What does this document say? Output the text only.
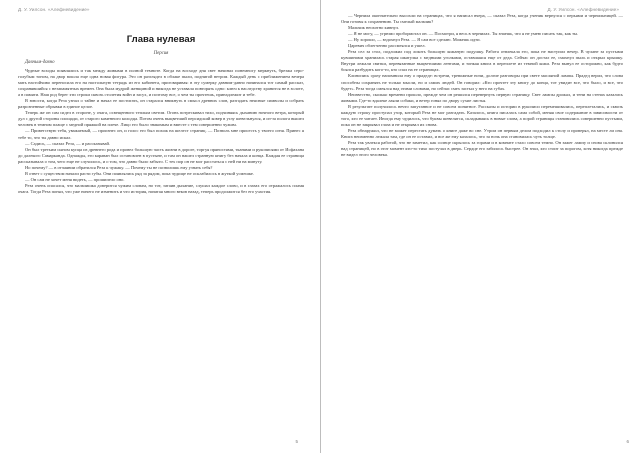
Д. У. Уилсон. «Алефневидение»
Глава нулевая
Персия
Давным-давно

Чудные всходы появлялись и так между живыми в полной темноте. Когда на восходе дня свет начинал понемногу меркнуть, брезжа серо-голубым тоном, на двор вошла еще одна новая фигура. Это он разглядел в облаке пыли, поднятой ветром. Каждый день с приближением вечера мать настойчиво переносила его на настольную тетрадь из его кабинета, приговаривая: в эту сумерку давним-давно начинался тот самый рассказ, сохранявшийся с незапамятных времен. Она была мудрой женщиной и никогда не уставала повторять одно: ключ к наследству хранится не в золоте, а в памяти. Наш род берег эти строки сквозь столетия войн и засух, и поэтому все, о чем ты прочтешь, принадлежит и тебе.

В юности, когда Реза узнал о тайне и начал ее постигать, он старался вникнуть в смысл древних слов, разгадать неясные символы и собрать разрозненные обрывки в единое целое.

Теперь же он сам сидел в стороне, у очага, освещенного теплым светом. Огонь потрескивал тихо, подчиняясь дыханию ночного ветра, который дул с другой стороны площади, от старого каменного колодца. Потом очень выцветший персидский ковер в углу шевельнулся, и из-за полога вышел человек в темном плаще с медной пряжкой на плече. Лицо его было знакомым и вместе с тем совершенно чужим.

— Приветствую тебя, уважаемый, — произнес он, и голос его был похож на шелест страниц. — Позволь мне присесть у твоего огня. Принес я тебе то, что ты давно искал.

— Садись, — сказал Реза, — и рассказывай.

Он был третьим сыном купца из древнего рода и провел большую часть жизни в дороге, торгуя пряностями, тканями и рукописями от Исфахана до далекого Самарканда. Однажды, его караван был остановлен в пустыне, и там он нашел странную книгу без начала и конца. Каждая ее страница рассказывала о том, чего еще не случилось, и о том, что давно было забыто. С тех пор он не мог расстаться с ней ни на минуту.

Но почему? — в отчаянии обратился Реза к чужаку. — Почему ты не позволишь ему узнать себя?

В ответ с существом начали расти губы. Они появлялись ряд за рядом, пока чудище не осклабилось в жуткой усмешке.

— Он сам не хочет меня видеть, — прошипело оно.

Реза очень опасался, что мальчишка доверится чужим словам, но тот, затаив дыхание, слушал каждое слово, и в глазах его отражалось пламя очага. Тогда Реза понял, что уже ничего не изменить и что история, начатая много веков назад, теперь продолжится без его участия.

5
Д. У. Уилсон. «Алефневидение»

— Чернила окончательно высохли на страницах, что я написал вчера, — сказал Реза, когда ученик вернулся с перьями и чернильницей. — Они готовы к сохранению. Ты смелый мальчик?

Мальчик неохотно кивнул.

— Я не могу, — угрюмо пробормотал он. — Посмотри, я весь в чернилах. Ты знаешь, что я не умею писать так, как ты.

— Ну хорошо, — вздохнул Реза. — Я сам все сделаю. Можешь идти.

Царевич облегченно рассмеялся и ушел.

Реза сел за стол, подложил под локоть большую кожаную подушку. Работа отвлекала его, пока не наступил вечер. В чулане за пустыми кувшинами хранилась старая шкатулка с медными уголками, оставшаяся еще от деда. Сейчас он достал ее, смахнул пыль и открыл крышку. Внутри лежали свитки, перевязанные выцветшими лентами, и тонкая книга в переплете из темной кожи. Реза вынул ее осторожно, как будто боялся разбудить кого-то, кто спал на ее страницах.

Клинопись сразу напомнила ему о прадеде: встречи, тревожные ночи, долгие разговоры при свете масляной лампы. Прадед верил, что слова способны сохранять не только мысли, но и самих людей. Он говорил: «Кто прочтет эту книгу до конца, тот увидит все, что было, и все, что будет». Реза тогда смеялся над этими словами, но сейчас смех застыл у него на губах.

Неизвестно, сколько времени прошло, прежде чем он решился перевернуть первую страницу. Свет лампы дрожал, и тени на стенах казались живыми. Где-то вдалеке лаяли собаки, и ветер гонял по двору сухие листья.

В результате получилось нечто запутанное и не совсем понятное. Рассказы и истории в рукописи перемешивались, переплетались, и сквозь каждую строку проступал узор, который Реза не мог разгадать. Казалось, книга писалась сама собой, меняя свое содержание в зависимости от того, кто ее читает. Иногда ему чудилось, что буквы шевелятся, складываясь в новые слова, а порой страницы становились совершенно пустыми, пока он не закрывал глаза и не открывал их снова.

Реза обнаружил, что не может перестать думать о книге даже во сне. Утром он первым делом подходил к столу и проверял, на месте ли она. Книга неизменно лежала там, где он ее оставил, и все же ему казалось, что за ночь она становилась чуть толще.

Реза так увлекся работой, что не заметил, как солнце скрылось за горами и в комнате стало совсем темно. Он зажег лампу и снова склонился над страницей, но в этот момент кто-то тихо постучал в дверь. Сердце его забилось быстрее. Он знал, кто стоит за порогом, хотя никогда прежде не видел этого человека.

6
